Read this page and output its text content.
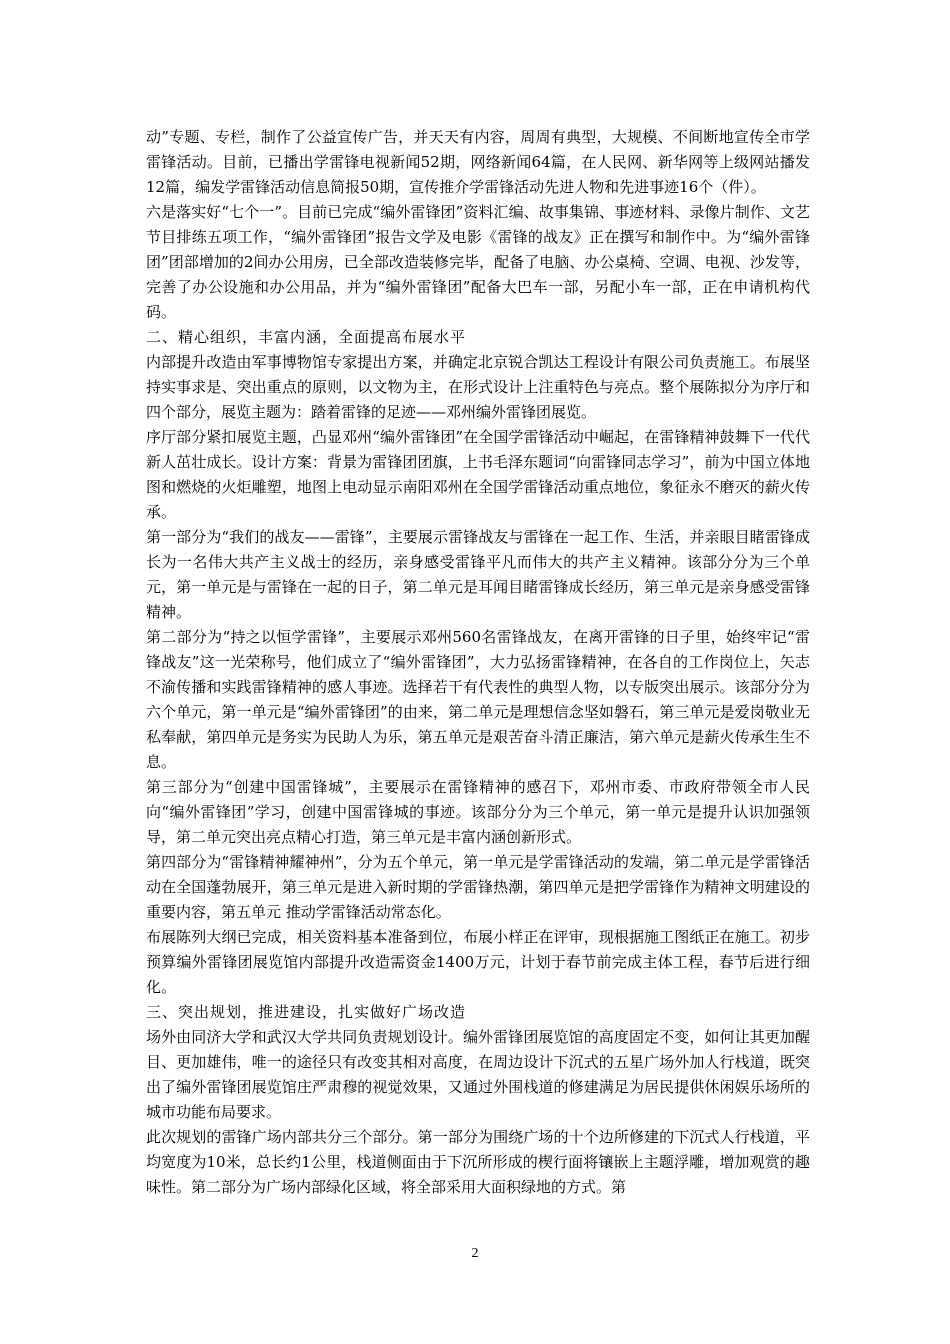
动”专题、专栏，制作了公益宣传广告，并天天有内容，周周有典型，大规模、不间断地宣传全市学雷锋活动。目前，已播出学雷锋电视新闻52期，网络新闻64篇，在人民网、新华网等上级网站播发12篇，编发学雷锋活动信息简报50期，宣传推介学雷锋活动先进人物和先进事迹16个（件）。

六是落实好“七个一”。目前已完成“编外雷锋团”资料汇编、故事集锦、事迹材料、录像片制作、文艺节目排练五项工作，“编外雷锋团”报告文学及电影《雷锋的战友》正在撰写和制作中。为“编外雷锋团”团部增加的2间办公用房，已全部改造装修完毕，配备了电脑、办公桌椅、空调、电视、沙发等，完善了办公设施和办公用品，并为“编外雷锋团”配备大巴车一部，另配小车一部，正在申请机构代码。

二、精心组织，丰富内涵，全面提高布展水平

内部提升改造由军事博物馆专家提出方案，并确定北京锐合凯达工程设计有限公司负责施工。布展坚持实事求是、突出重点的原则，以文物为主，在形式设计上注重特色与亮点。整个展陈拟分为序厅和四个部分，展览主题为：踏着雷锋的足迹——邓州编外雷锋团展览。

序厅部分紧扣展览主题，凸显邓州“编外雷锋团”在全国学雷锋活动中崛起，在雷锋精神鼓舞下一代代新人茁壮成长。设计方案：背景为雷锋团团旗，上书毛泽东题词“向雷锋同志学习”，前为中国立体地图和燃烧的火炬雕塑，地图上电动显示南阳邓州在全国学雷锋活动重点地位，象征永不磨灭的薪火传承。

第一部分为“我们的战友——雷锋”，主要展示雷锋战友与雷锋在一起工作、生活，并亲眼目睹雷锋成长为一名伟大共产主义战士的经历，亲身感受雷锋平凡而伟大的共产主义精神。该部分分为三个单元，第一单元是与雷锋在一起的日子，第二单元是耳闻目睹雷锋成长经历，第三单元是亲身感受雷锋精神。

第二部分为“持之以恒学雷锋”，主要展示邓州560名雷锋战友，在离开雷锋的日子里，始终牢记“雷锋战友”这一光荣称号，他们成立了“编外雷锋团”，大力弘扬雷锋精神，在各自的工作岗位上，矢志不渝传播和实践雷锋精神的感人事迹。选择若干有代表性的典型人物，以专版突出展示。该部分分为六个单元，第一单元是“编外雷锋团”的由来，第二单元是理想信念坚如磐石，第三单元是爱岗敬业无私奉献，第四单元是务实为民助人为乐，第五单元是艰苦奋斗清正廉洁，第六单元是薪火传承生生不息。

第三部分为“创建中国雷锋城”，主要展示在雷锋精神的感召下，邓州市委、市政府带领全市人民向“编外雷锋团”学习，创建中国雷锋城的事迹。该部分分为三个单元，第一单元是提升认识加强领导，第二单元突出亮点精心打造，第三单元是丰富内涵创新形式。

第四部分为“雷锋精神耀神州”，分为五个单元，第一单元是学雷锋活动的发端，第二单元是学雷锋活动在全国蓬勃展开，第三单元是进入新时期的学雷锋热潮，第四单元是把学雷锋作为精神文明建设的重要内容，第五单元 推动学雷锋活动常态化。

布展陈列大纲已完成，相关资料基本准备到位，布展小样正在评审，现根据施工图纸正在施工。初步预算编外雷锋团展览馆内部提升改造需资金1400万元，计划于春节前完成主体工程，春节后进行细化。

三、突出规划，推进建设，扎实做好广场改造

场外由同济大学和武汉大学共同负责规划设计。编外雷锋团展览馆的高度固定不变，如何让其更加醒目、更加雄伟，唯一的途径只有改变其相对高度，在周边设计下沉式的五星广场外加人行栈道，既突出了编外雷锋团展览馆庄严肃穆的视觉效果，又通过外围栈道的修建满足为居民提供休闲娱乐场所的城市功能布局要求。

此次规划的雷锋广场内部共分三个部分。第一部分为围绕广场的十个边所修建的下沉式人行栈道，平均宽度为10米，总长约1公里，栈道侧面由于下沉所形成的楔行面将镶嵌上主题浮雕，增加观赏的趣味性。第二部分为广场内部绿化区域，将全部采用大面积绿地的方式。第

2
